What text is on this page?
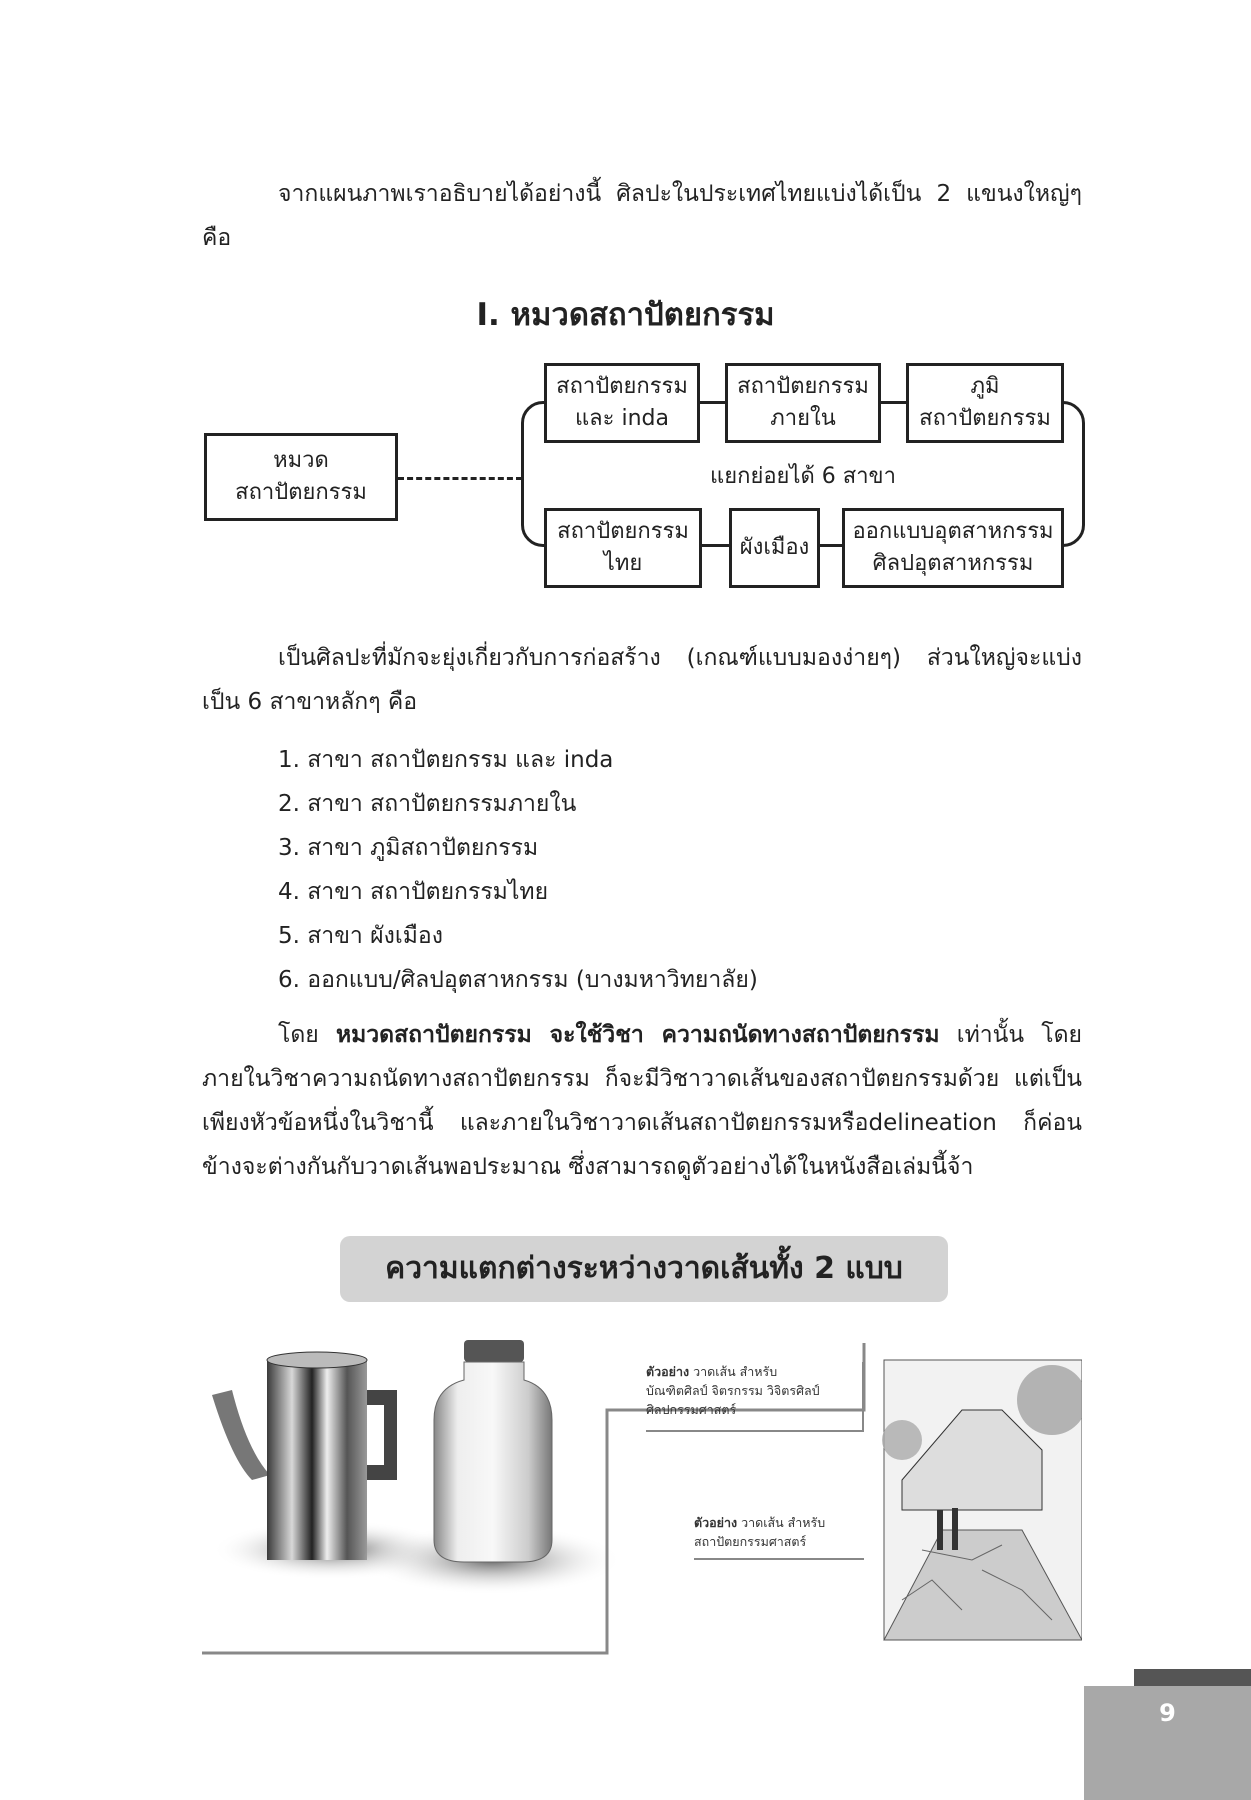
จากแผนภาพเราอธิบายได้อย่างนี้ ศิลปะในประเทศไทยแบ่งได้เป็น 2 แขนงใหญ่ๆ คือ
I. หมวดสถาปัตยกรรม
แยกย่อยได้ 6 สาขา
หมวด
สถาปัตยกรรม
สถาปัตยกรรม
และ inda
สถาปัตยกรรม
ภายใน
ภูมิ
สถาปัตยกรรม
สถาปัตยกรรม
ไทย
ผังเมือง
ออกแบบอุตสาหกรรม
ศิลปอุตสาหกรรม
เป็นศิลปะที่มักจะยุ่งเกี่ยวกับการก่อสร้าง (เกณฑ์แบบมองง่ายๆ) ส่วนใหญ่จะแบ่งเป็น 6 สาขาหลักๆ คือ
1. สาขา สถาปัตยกรรม และ inda
2. สาขา สถาปัตยกรรมภายใน
3. สาขา ภูมิสถาปัตยกรรม
4. สาขา สถาปัตยกรรมไทย
5. สาขา ผังเมือง
6. ออกแบบ/ศิลปอุตสาหกรรม (บางมหาวิทยาลัย)
โดย หมวดสถาปัตยกรรม จะใช้วิชา ความถนัดทางสถาปัตยกรรม เท่านั้น โดยภายในวิชาความถนัดทางสถาปัตยกรรม ก็จะมีวิชาวาดเส้นของสถาปัตยกรรมด้วย แต่เป็นเพียงหัวข้อหนึ่งในวิชานี้ และภายในวิชาวาดเส้นสถาปัตยกรรมหรือdelineation ก็ค่อนข้างจะต่างกันกับวาดเส้นพอประมาณ ซึ่งสามารถดูตัวอย่างได้ในหนังสือเล่มนี้จ้า
ความแตกต่างระหว่างวาดเส้นทั้ง 2 แบบ
ตัวอย่าง วาดเส้น สำหรับ
บัณฑิตศิลป์ จิตรกรรม วิจิตรศิลป์
ศิลปกรรมศาสตร์
ตัวอย่าง วาดเส้น สำหรับ
สถาปัตยกรรมศาสตร์
9
